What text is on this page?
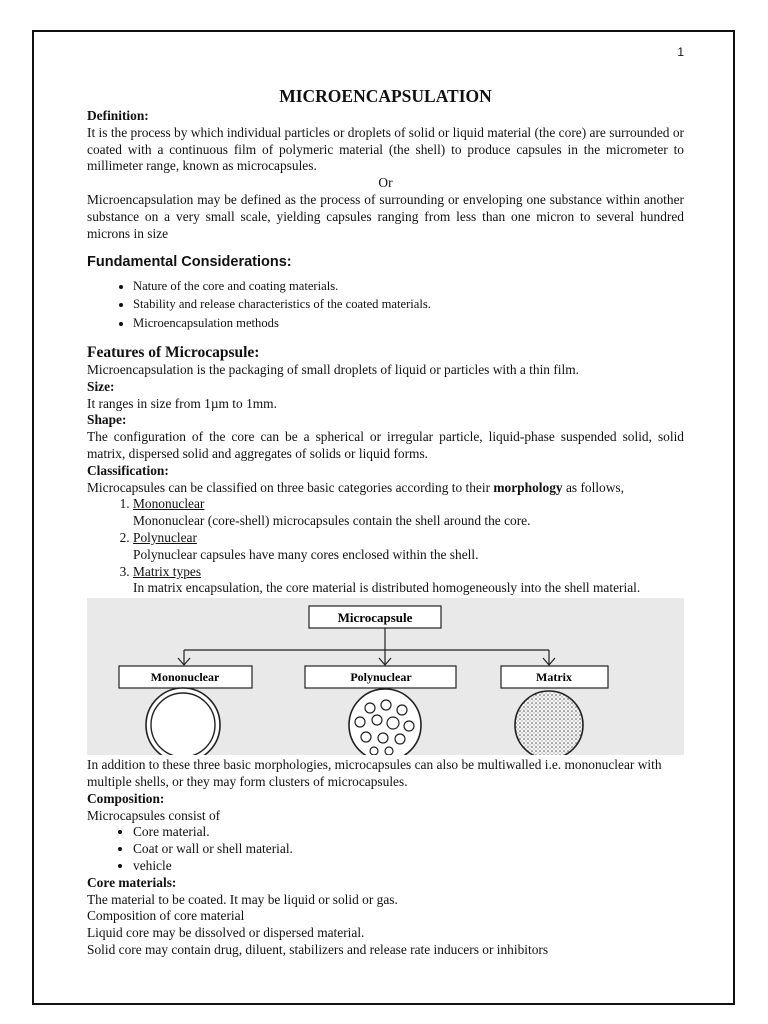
1
MICROENCAPSULATION

Definition:

It is the process by which individual particles or droplets of solid or liquid material (the core) are surrounded or coated with a continuous film of polymeric material (the shell) to produce capsules in the micrometer to millimeter range, known as microcapsules.

Or

Microencapsulation may be defined as the process of surrounding or enveloping one substance within another substance on a very small scale, yielding capsules ranging from less than one micron to several hundred microns in size

Fundamental Considerations:
• Nature of the core and coating materials.
• Stability and release characteristics of the coated materials.
• Microencapsulation methods
Features of Microcapsule:

Microencapsulation is the packaging of small droplets of liquid or particles with a thin film.

Size:

It ranges in size from 1µm to 1mm.

Shape:

The configuration of the core can be a spherical or irregular particle, liquid-phase suspended solid, solid matrix, dispersed solid and aggregates of solids or liquid forms.

Classification:

Microcapsules can be classified on three basic categories according to their morphology as follows,

1. Mononuclear
Mononuclear (core-shell) microcapsules contain the shell around the core.
2. Polynuclear
Polynuclear capsules have many cores enclosed within the shell.
3. Matrix types
In matrix encapsulation, the core material is distributed homogeneously into the shell material.
Microcapsule
Mononuclear	Polynuclear	Matrix

In addition to these three basic morphologies, microcapsules can also be multiwalled i.e. mononuclear with multiple shells, or they may form clusters of microcapsules.

Composition:

Microcapsules consist of

• Core material.
• Coat or wall or shell material.
• vehicle

Core materials:

The material to be coated. It may be liquid or solid or gas.

Composition of core material

Liquid core may be dissolved or dispersed material.

Solid core may contain drug, diluent, stabilizers and release rate inducers or inhibitors
